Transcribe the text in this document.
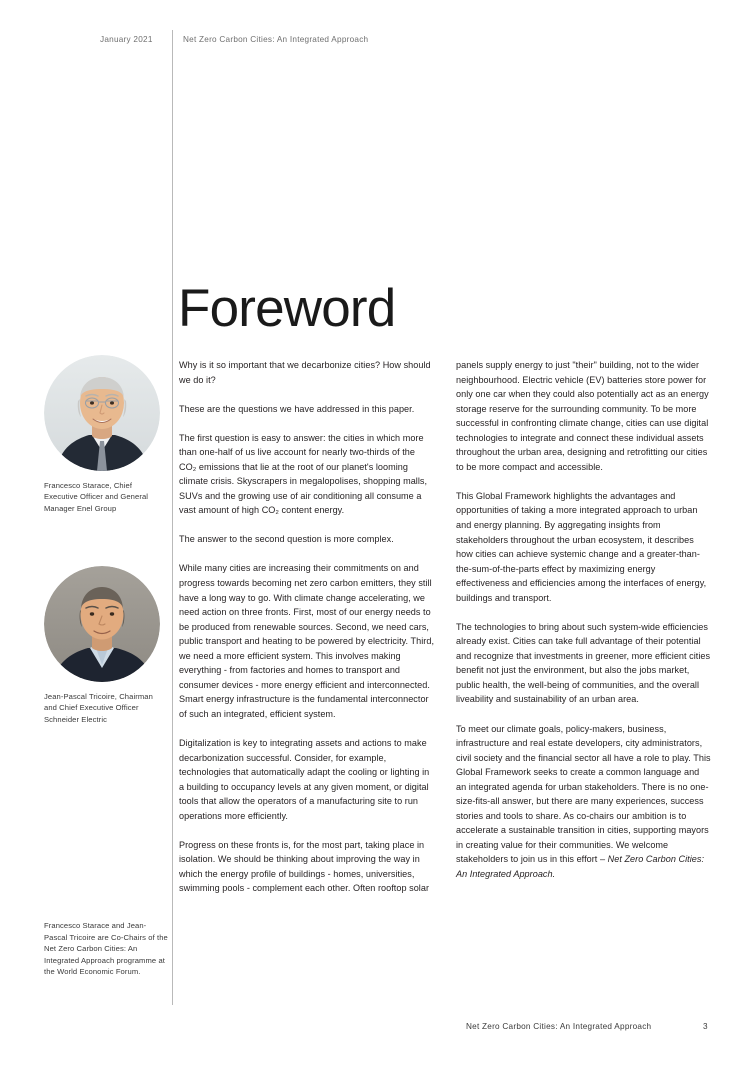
January 2021	Net Zero Carbon Cities: An Integrated Approach
Foreword
Francesco Starace, Chief Executive Officer and General Manager Enel Group
Jean-Pascal Tricoire, Chairman and Chief Executive Officer Schneider Electric
Francesco Starace and Jean-Pascal Tricoire are Co-Chairs of the Net Zero Carbon Cities: An Integrated Approach programme at the World Economic Forum.

Why is it so important that we decarbonize cities? How should we do it?

These are the questions we have addressed in this paper.

The first question is easy to answer: the cities in which more than one-half of us live account for nearly two-thirds of the CO₂ emissions that lie at the root of our planet's looming climate crisis. Skyscrapers in megalopolises, shopping malls, SUVs and the growing use of air conditioning all consume a vast amount of high CO₂ content energy.

The answer to the second question is more complex.

While many cities are increasing their commitments on and progress towards becoming net zero carbon emitters, they still have a long way to go. With climate change accelerating, we need action on three fronts. First, most of our energy needs to be produced from renewable sources. Second, we need cars, public transport and heating to be powered by electricity. Third, we need a more efficient system. This involves making everything - from factories and homes to transport and consumer devices - more energy efficient and interconnected. Smart energy infrastructure is the fundamental interconnector of such an integrated, efficient system.

Digitalization is key to integrating assets and actions to make decarbonization successful. Consider, for example, technologies that automatically adapt the cooling or lighting in a building to occupancy levels at any given moment, or digital tools that allow the operators of a manufacturing site to run operations more efficiently.

Progress on these fronts is, for the most part, taking place in isolation. We should be thinking about improving the way in which the energy profile of buildings - homes, universities, swimming pools - complement each other. Often rooftop solar

panels supply energy to just "their" building, not to the wider neighbourhood. Electric vehicle (EV) batteries store power for only one car when they could also potentially act as an energy storage reserve for the surrounding community. To be more successful in confronting climate change, cities can use digital technologies to integrate and connect these individual assets throughout the urban area, designing and retrofitting our cities to be more compact and accessible.

This Global Framework highlights the advantages and opportunities of taking a more integrated approach to urban and energy planning. By aggregating insights from stakeholders throughout the urban ecosystem, it describes how cities can achieve systemic change and a greater-than-the-sum-of-the-parts effect by maximizing energy effectiveness and efficiencies among the interfaces of energy, buildings and transport.

The technologies to bring about such system-wide efficiencies already exist. Cities can take full advantage of their potential and recognize that investments in greener, more efficient cities benefit not just the environment, but also the jobs market, public health, the well-being of communities, and the overall liveability and sustainability of an urban area.

To meet our climate goals, policy-makers, business, infrastructure and real estate developers, city administrators, civil society and the financial sector all have a role to play. This Global Framework seeks to create a common language and an integrated agenda for urban stakeholders. There is no one-size-fits-all answer, but there are many experiences, success stories and tools to share. As co-chairs our ambition is to accelerate a sustainable transition in cities, supporting mayors in creating value for their communities. We welcome stakeholders to join us in this effort – Net Zero Carbon Cities: An Integrated Approach.

Net Zero Carbon Cities: An Integrated Approach	3
